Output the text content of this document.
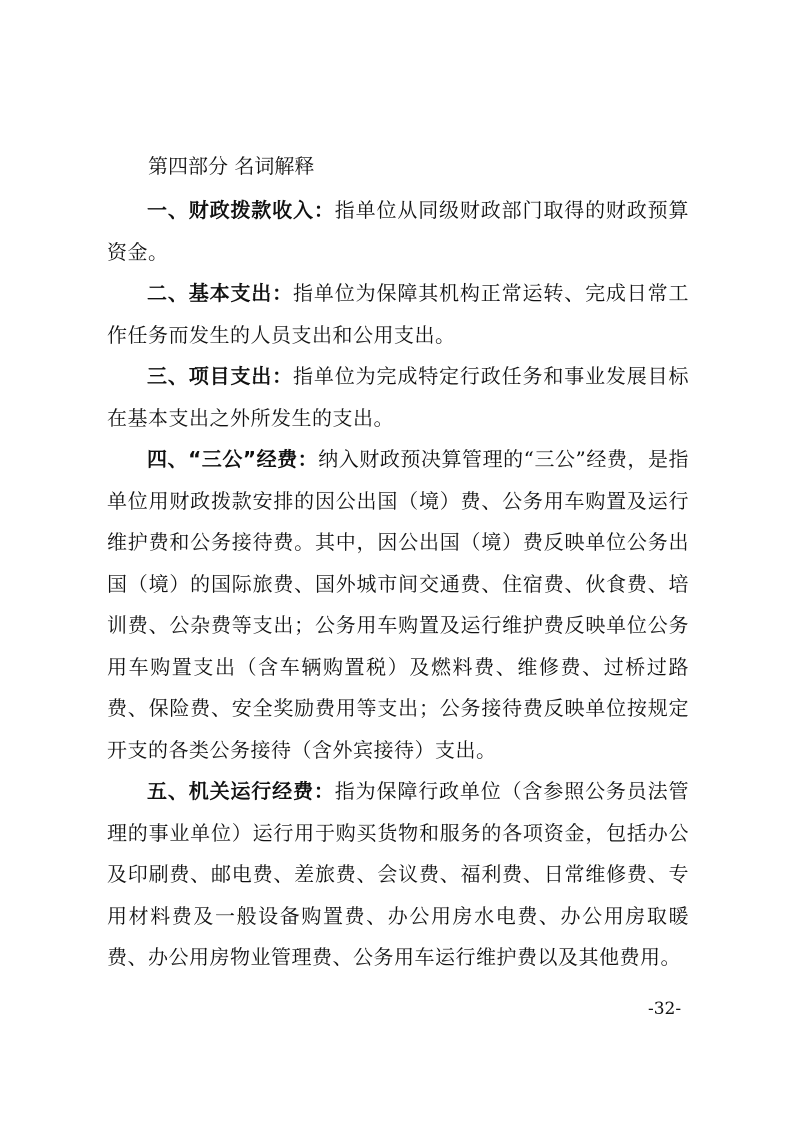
第四部分 名词解释

一、财政拨款收入：指单位从同级财政部门取得的财政预算资金。

二、基本支出：指单位为保障其机构正常运转、完成日常工作任务而发生的人员支出和公用支出。

三、项目支出：指单位为完成特定行政任务和事业发展目标在基本支出之外所发生的支出。

四、“三公”经费：纳入财政预决算管理的“三公”经费，是指单位用财政拨款安排的因公出国（境）费、公务用车购置及运行维护费和公务接待费。其中，因公出国（境）费反映单位公务出国（境）的国际旅费、国外城市间交通费、住宿费、伙食费、培训费、公杂费等支出；公务用车购置及运行维护费反映单位公务用车购置支出（含车辆购置税）及燃料费、维修费、过桥过路费、保险费、安全奖励费用等支出；公务接待费反映单位按规定开支的各类公务接待（含外宾接待）支出。

五、机关运行经费：指为保障行政单位（含参照公务员法管理的事业单位）运行用于购买货物和服务的各项资金，包括办公及印刷费、邮电费、差旅费、会议费、福利费、日常维修费、专用材料费及一般设备购置费、办公用房水电费、办公用房取暖费、办公用房物业管理费、公务用车运行维护费以及其他费用。

-32-
